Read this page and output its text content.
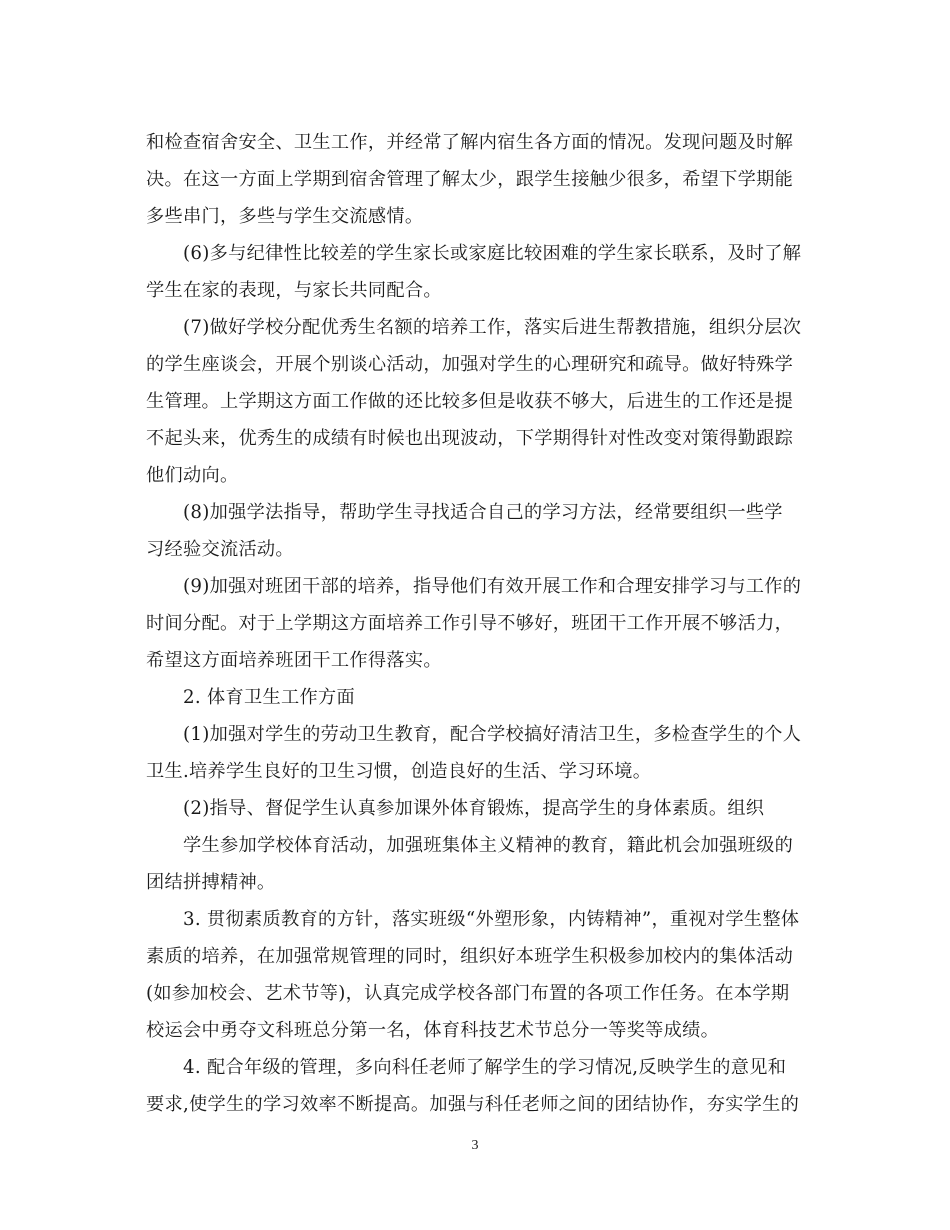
和检查宿舍安全、卫生工作，并经常了解内宿生各方面的情况。发现问题及时解
决。在这一方面上学期到宿舍管理了解太少，跟学生接触少很多，希望下学期能
多些串门，多些与学生交流感情。
(6)多与纪律性比较差的学生家长或家庭比较困难的学生家长联系，及时了解
学生在家的表现，与家长共同配合。
(7)做好学校分配优秀生名额的培养工作，落实后进生帮教措施，组织分层次
的学生座谈会，开展个别谈心活动，加强对学生的心理研究和疏导。做好特殊学
生管理。上学期这方面工作做的还比较多但是收获不够大，后进生的工作还是提
不起头来，优秀生的成绩有时候也出现波动，下学期得针对性改变对策得勤跟踪
他们动向。
(8)加强学法指导，帮助学生寻找适合自己的学习方法，经常要组织一些学
习经验交流活动。
(9)加强对班团干部的培养，指导他们有效开展工作和合理安排学习与工作的
时间分配。对于上学期这方面培养工作引导不够好，班团干工作开展不够活力，
希望这方面培养班团干工作得落实。
2. 体育卫生工作方面
(1)加强对学生的劳动卫生教育，配合学校搞好清洁卫生，多检查学生的个人
卫生.培养学生良好的卫生习惯，创造良好的生活、学习环境。
(2)指导、督促学生认真参加课外体育锻炼，提高学生的身体素质。组织
学生参加学校体育活动，加强班集体主义精神的教育，籍此机会加强班级的
团结拼搏精神。
3. 贯彻素质教育的方针，落实班级“外塑形象，内铸精神”，重视对学生整体
素质的培养，在加强常规管理的同时，组织好本班学生积极参加校内的集体活动
(如参加校会、艺术节等)，认真完成学校各部门布置的各项工作任务。在本学期
校运会中勇夺文科班总分第一名，体育科技艺术节总分一等奖等成绩。
4. 配合年级的管理，多向科任老师了解学生的学习情况,反映学生的意见和
要求,使学生的学习效率不断提高。加强与科任老师之间的团结协作，夯实学生的
3
